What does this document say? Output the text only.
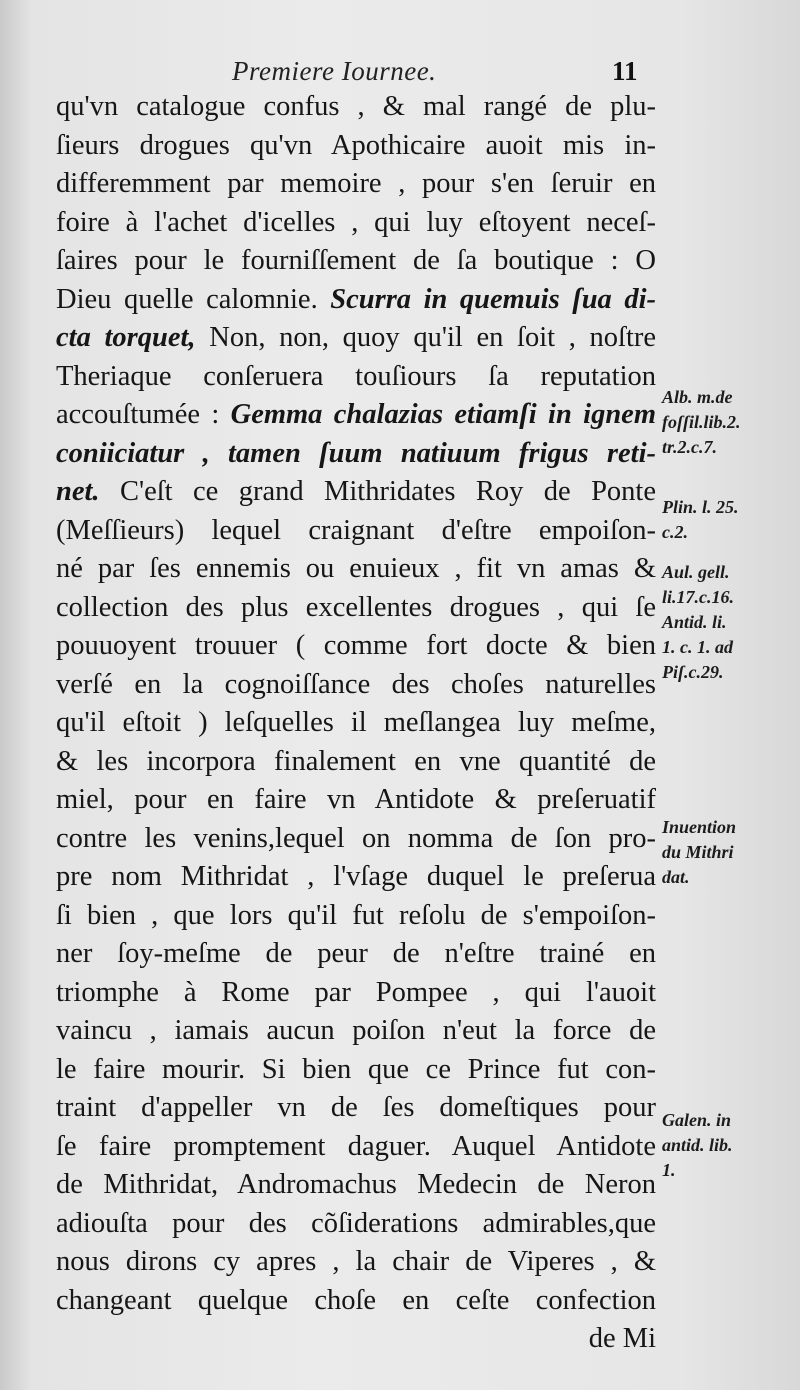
Premiere Iournee.	11
qu'vn catalogue confus , & mal rangé de plu-
ſieurs drogues qu'vn Apothicaire auoit mis in-
differemment par memoire , pour s'en ſeruir en
foire à l'achet d'icelles , qui luy eſtoyent neceſ-
ſaires pour le fourniſſement de ſa boutique : O
Dieu quelle calomnie. Scurra in quemuis ſua di-
cta torquet, Non, non, quoy qu'il en ſoit , noſtre
Theriaque conſeruera touſiours ſa reputation
accouſtumée : Gemma chalazias etiamſi in ignem
coniiciatur , tamen ſuum natiuum frigus reti-
net. C'eſt ce grand Mithridates Roy de Ponte
(Meſſieurs) lequel craignant d'eſtre empoiſon-
né par ſes ennemis ou enuieux , fit vn amas &
collection des plus excellentes drogues , qui ſe
pouuoyent trouuer ( comme fort docte & bien
verſé en la cognoiſſance des choſes naturelles
qu'il eſtoit ) leſquelles il meſlangea luy meſme,
& les incorpora finalement en vne quantité de
miel, pour en faire vn Antidote & preſeruatif
contre les venins,lequel on nomma de ſon pro-
pre nom Mithridat , l'vſage duquel le preſerua
ſi bien , que lors qu'il fut reſolu de s'empoiſon-
ner ſoy-meſme de peur de n'eſtre trainé en
triomphe à Rome par Pompee , qui l'auoit
vaincu , iamais aucun poiſon n'eut la force de
le faire mourir. Si bien que ce Prince fut con-
traint d'appeller vn de ſes domeſtiques pour
ſe faire promptement daguer. Auquel Antidote
de Mithridat, Andromachus Medecin de Neron
adiouſta pour des cõſiderations admirables,que
nous dirons cy apres , la chair de Viperes , &
changeant quelque choſe en ceſte confection
de Mi
Alb. m.de
foſſil.lib.2.
tr.2.c.7.
Plin. l. 25.
c.2.
Aul. gell.
li.17.c.16.
Antid. li.
1. c. 1. ad
Piſ.c.29.
Inuention
du Mithri
dat.
Galen. in
antid. lib.
1.
